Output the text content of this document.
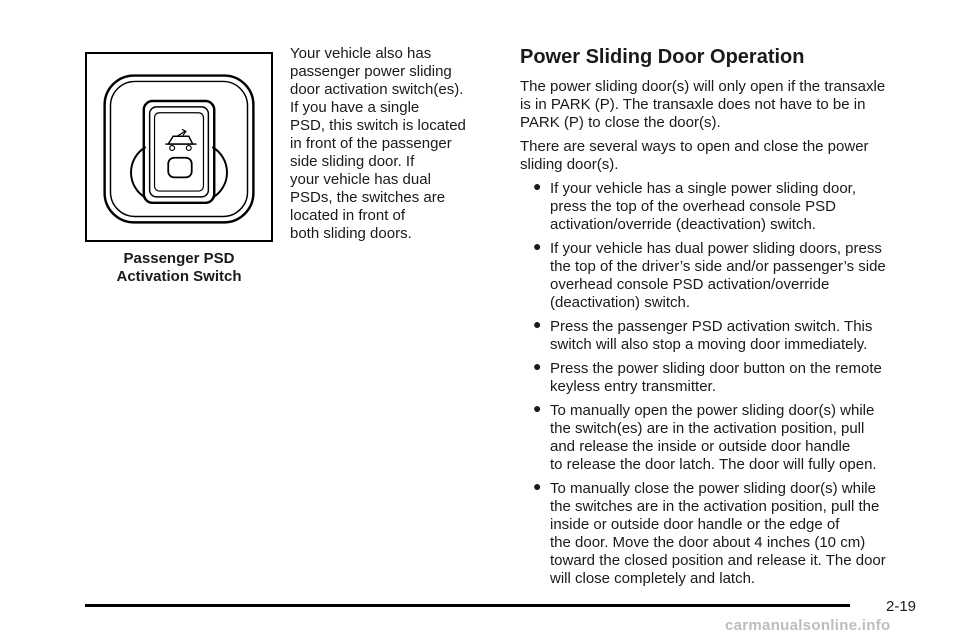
Passenger PSD
Activation Switch
Your vehicle also has
passenger power sliding
door activation switch(es).
If you have a single
PSD, this switch is located
in front of the passenger
side sliding door. If
your vehicle has dual
PSDs, the switches are
located in front of
both sliding doors.
Power Sliding Door Operation

The power sliding door(s) will only open if the transaxle
is in PARK (P). The transaxle does not have to be in
PARK (P) to close the door(s).

There are several ways to open and close the power
sliding door(s).

● If your vehicle has a single power sliding door,
press the top of the overhead console PSD
activation/override (deactivation) switch.
● If your vehicle has dual power sliding doors, press
the top of the driver’s side and/or passenger’s side
overhead console PSD activation/override
(deactivation) switch.
● Press the passenger PSD activation switch. This
switch will also stop a moving door immediately.
● Press the power sliding door button on the remote
keyless entry transmitter.
● To manually open the power sliding door(s) while
the switch(es) are in the activation position, pull
and release the inside or outside door handle
to release the door latch. The door will fully open.
● To manually close the power sliding door(s) while
the switches are in the activation position, pull the
inside or outside door handle or the edge of
the door. Move the door about 4 inches (10 cm)
toward the closed position and release it. The door
will close completely and latch.
2-19
carmanualsonline.info
